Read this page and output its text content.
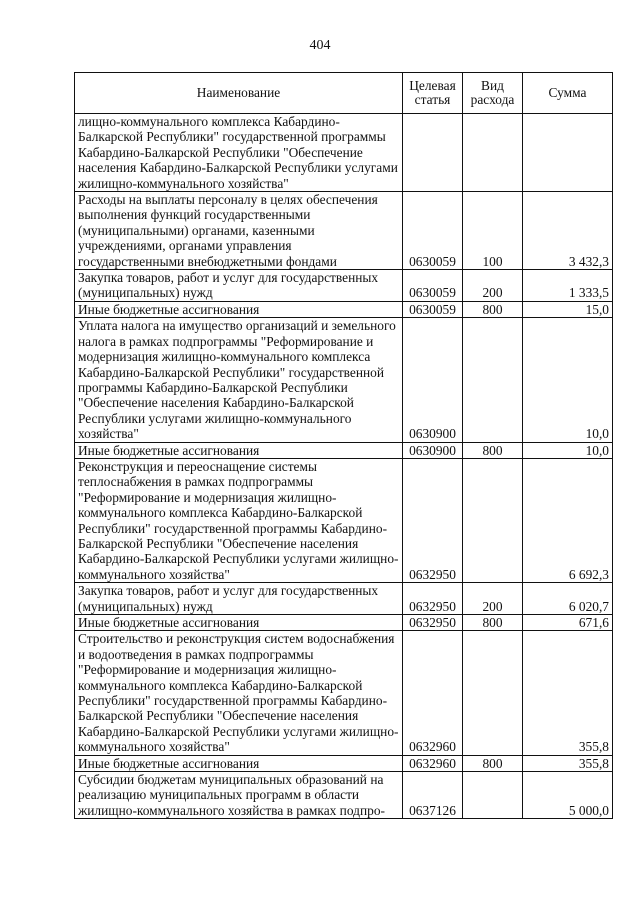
404
Наименование	Целевая статья	Вид расхода	Сумма
лищно-коммунального комплекса Кабардино-Балкарской Республики" государственной программы Кабардино-Балкарской Республики "Обеспечение населения Кабардино-Балкарской Республики услугами жилищно-коммунального хозяйства"			
Расходы на выплаты персоналу в целях обеспечения выполнения функций государственными (муниципальными) органами, казенными учреждениями, органами управления государственными внебюджетными фондами	0630059	100	3 432,3
Закупка товаров, работ и услуг для государственных (муниципальных) нужд	0630059	200	1 333,5
Иные бюджетные ассигнования	0630059	800	15,0
Уплата налога на имущество организаций и земельного налога в рамках подпрограммы "Реформирование и модернизация жилищно-коммунального комплекса Кабардино-Балкарской Республики" государственной программы Кабардино-Балкарской Республики "Обеспечение населения Кабардино-Балкарской Республики услугами жилищно-коммунального хозяйства"	0630900		10,0
Иные бюджетные ассигнования	0630900	800	10,0
Реконструкция и переоснащение системы теплоснабжения в рамках подпрограммы "Реформирование и модернизация жилищно-коммунального комплекса Кабардино-Балкарской Республики" государственной программы Кабардино-Балкарской Республики "Обеспечение населения Кабардино-Балкарской Республики услугами жилищно-коммунального хозяйства"	0632950		6 692,3
Закупка товаров, работ и услуг для государственных (муниципальных) нужд	0632950	200	6 020,7
Иные бюджетные ассигнования	0632950	800	671,6
Строительство и реконструкция систем водоснабжения и водоотведения в рамках подпрограммы "Реформирование и модернизация жилищно-коммунального комплекса Кабардино-Балкарской Республики" государственной программы Кабардино-Балкарской Республики "Обеспечение населения Кабардино-Балкарской Республики услугами жилищно-коммунального хозяйства"	0632960		355,8
Иные бюджетные ассигнования	0632960	800	355,8
Субсидии бюджетам муниципальных образований на реализацию муниципальных программ в области жилищно-коммунального хозяйства в рамках подпро-	0637126		5 000,0
